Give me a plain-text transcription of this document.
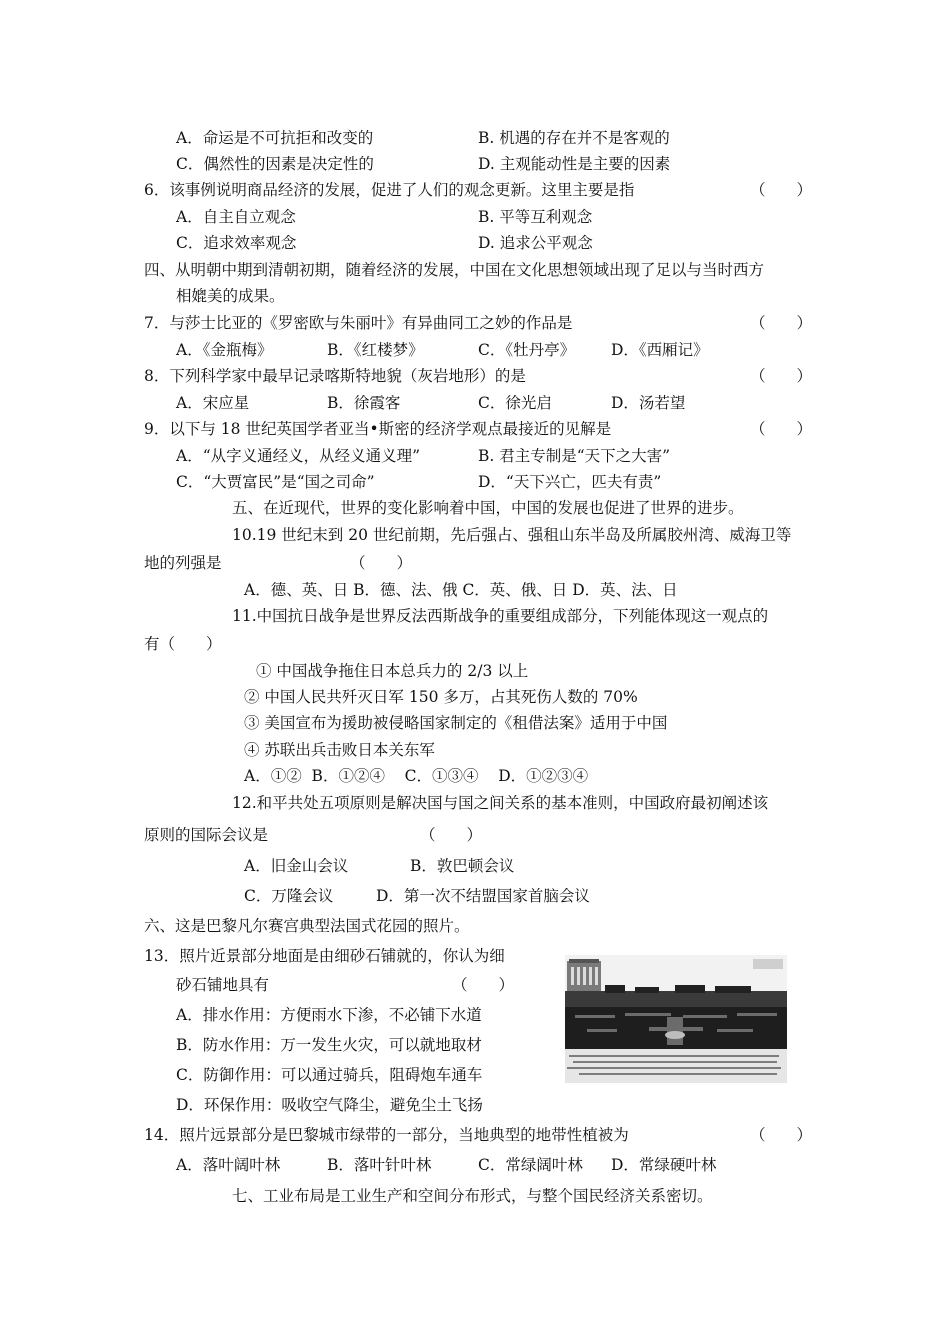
A．命运是不可抗拒和改变的	B. 机遇的存在并不是客观的
C．偶然性的因素是决定性的	D. 主观能动性是主要的因素
6．该事例说明商品经济的发展，促进了人们的观念更新。这里主要是指	（　　）
A．自主自立观念	B. 平等互利观念
C．追求效率观念	D. 追求公平观念
四、从明朝中期到清朝初期，随着经济的发展，中国在文化思想领域出现了足以与当时西方
相媲美的成果。
7．与莎士比亚的《罗密欧与朱丽叶》有异曲同工之妙的作品是	（　　）
A．《金瓶梅》	B．《红楼梦》	C．《牡丹亭》 D．《西厢记》
8．下列科学家中最早记录喀斯特地貌（灰岩地形）的是	（　　）
A．宋应星	B．徐霞客	C．徐光启	D．汤若望
9．以下与 18 世纪英国学者亚当•斯密的经济学观点最接近的见解是	（　　）
A．“从字义通经义，从经义通义理”	B. 君主专制是“天下之大害”
C．“大贾富民”是“国之司命”	D．“天下兴亡，匹夫有责”
五、在近现代，世界的变化影响着中国，中国的发展也促进了世界的进步。
10.19 世纪末到 20 世纪前期，先后强占、强租山东半岛及所属胶州湾、威海卫等
地的列强是	（　　）
A．德、英、日 B．德、法、俄 C．英、俄、日 D．英、法、日
11.中国抗日战争是世界反法西斯战争的重要组成部分，下列能体现这一观点的
有（　　）
① 中国战争拖住日本总兵力的 2/3 以上
② 中国人民共歼灭日军 150 多万，占其死伤人数的 70%
③ 美国宣布为援助被侵略国家制定的《租借法案》适用于中国
④ 苏联出兵击败日本关东军
A．①②  B．①②④    C．①③④    D．①②③④
12.和平共处五项原则是解决国与国之间关系的基本准则，中国政府最初阐述该
原则的国际会议是	（　　）
A．旧金山会议	B．敦巴顿会议
C．万隆会议	D．第一次不结盟国家首脑会议
六、这是巴黎凡尔赛宫典型法国式花园的照片。
13．照片近景部分地面是由细砂石铺就的，你认为细
砂石铺地具有	（　　）
A．排水作用：方便雨水下渗，不必铺下水道
B．防水作用：万一发生火灾，可以就地取材
C．防御作用：可以通过骑兵，阻碍炮车通车
D．环保作用：吸收空气降尘，避免尘土飞扬
14．照片远景部分是巴黎城市绿带的一部分，当地典型的地带性植被为	（　　）
A．落叶阔叶林	B．落叶针叶林	C．常绿阔叶林 D．常绿硬叶林
七、工业布局是工业生产和空间分布形式，与整个国民经济关系密切。
